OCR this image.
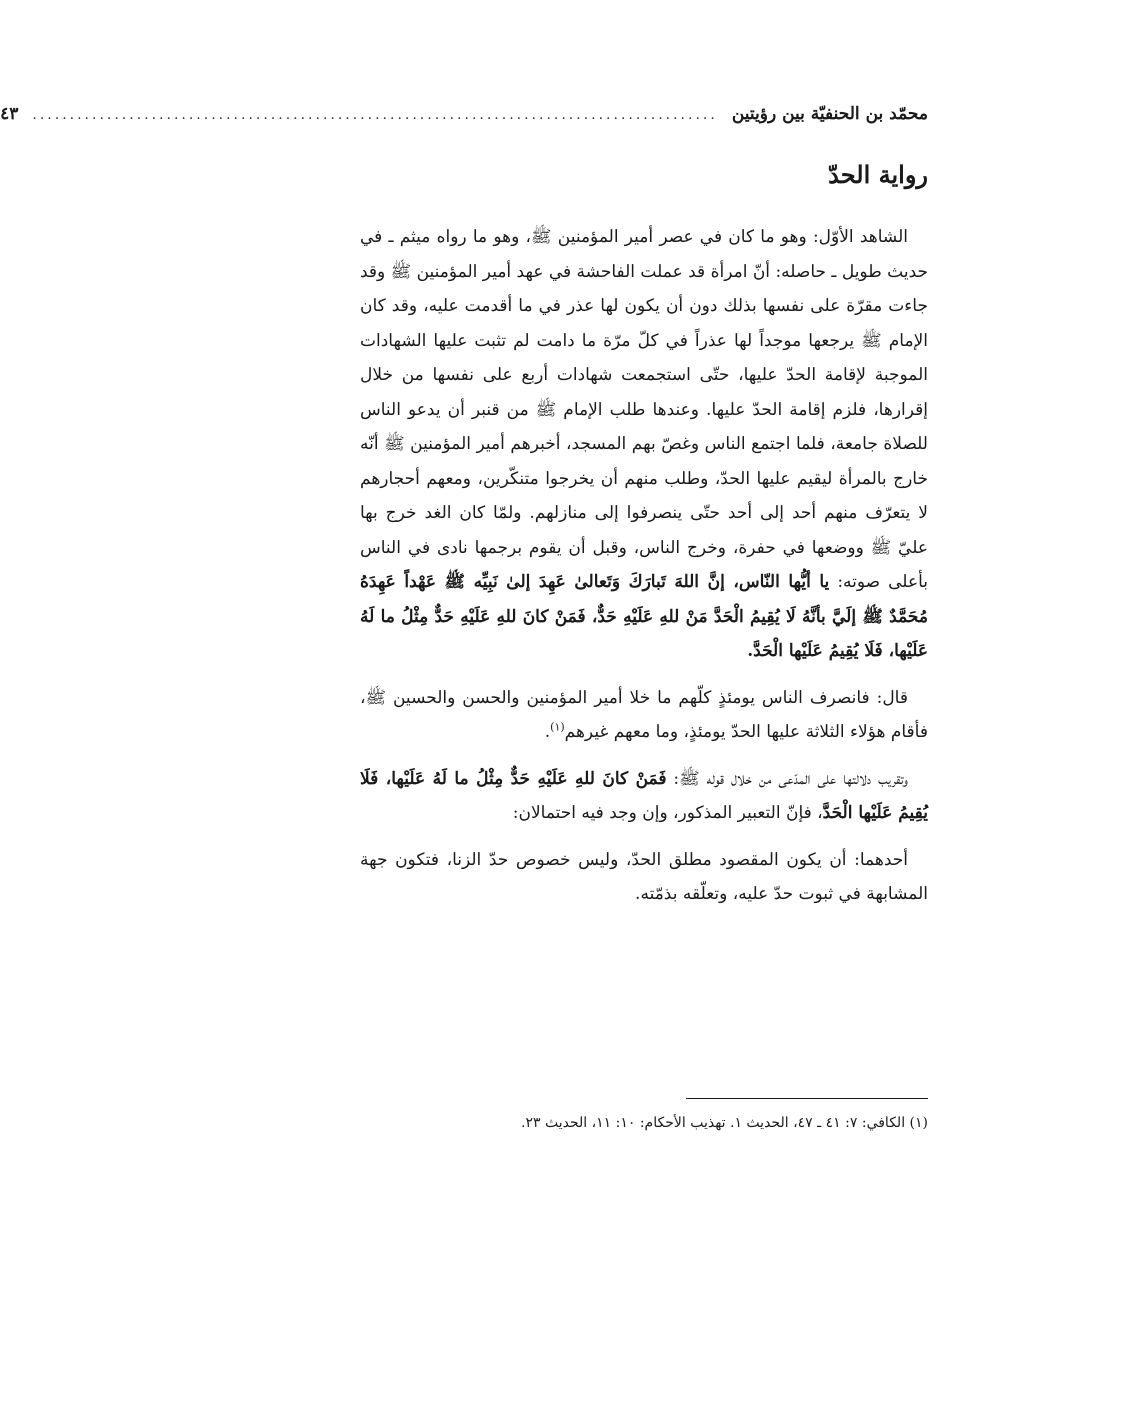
محمّد بن الحنفيّة بين رؤيتين
............................................................................................
٤٣
رواية الحدّ

الشاهد الأوّل: وهو ما كان في عصر أمير المؤمنين ﷺ، وهو ما رواه ميثم ـ في حديث طويل ـ حاصله: أنّ امرأة قد عملت الفاحشة في عهد أمير المؤمنين ﷺ وقد جاءت مقرّة على نفسها بذلك دون أن يكون لها عذر في ما أقدمت عليه، وقد كان الإمام ﷺ يرجعها موجداً لها عذراً في كلّ مرّة ما دامت لم تثبت عليها الشهادات الموجبة لإقامة الحدّ عليها، حتّى استجمعت شهادات أربع على نفسها من خلال إقرارها، فلزم إقامة الحدّ عليها. وعندها طلب الإمام ﷺ من قنبر أن يدعو الناس للصلاة جامعة، فلما اجتمع الناس وغصّ بهم المسجد، أخبرهم أمير المؤمنين ﷺ أنّه خارج بالمرأة ليقيم عليها الحدّ، وطلب منهم أن يخرجوا متنكّرين، ومعهم أحجارهم لا يتعرّف منهم أحد إلى أحد حتّى ينصرفوا إلى منازلهم. ولمّا كان الغد خرج بها عليّ ﷺ ووضعها في حفرة، وخرج الناس، وقبل أن يقوم برجمها نادى في الناس بأعلى صوته: يا أيُّها النّاس، إنَّ اللهَ تَبارَكَ وَتَعالىٰ عَهِدَ إلىٰ نَبِيِّه ﷺ عَهْداً عَهِدَهُ مُحَمَّدٌ ﷺ إلَيَّ بأنَّهُ لَا يُقِيمُ الْحَدَّ مَنْ للهِ عَلَيْهِ حَدٌّ، فَمَنْ كانَ للهِ عَلَيْهِ حَدٌّ مِثْلُ ما لَهُ عَلَيْها، فَلَا يُقِيمُ عَلَيْها الْحَدَّ.

قال: فانصرف الناس يومئذٍ كلّهم ما خلا أمير المؤمنين والحسن والحسين ﷺ، فأقام هؤلاء الثلاثة عليها الحدّ يومئذٍ، وما معهم غيرهم$^{(١)}$.

وتقريب دلالتها على المدّعى من خلال قوله ﷺ: فَمَنْ كانَ للهِ عَلَيْهِ حَدٌّ مِثْلُ ما لَهُ عَلَيْها، فَلَا يُقِيمُ عَلَيْها الْحَدَّ، فإنّ التعبير المذكور، وإن وجد فيه احتمالان:

أحدهما: أن يكون المقصود مطلق الحدّ، وليس خصوص حدّ الزنا، فتكون جهة المشابهة في ثبوت حدّ عليه، وتعلّقه بذمّته.

(١) الكافي: ٧: ٤١ ـ ٤٧، الحديث ١. تهذيب الأحكام: ١٠: ١١، الحديث ٢٣.
